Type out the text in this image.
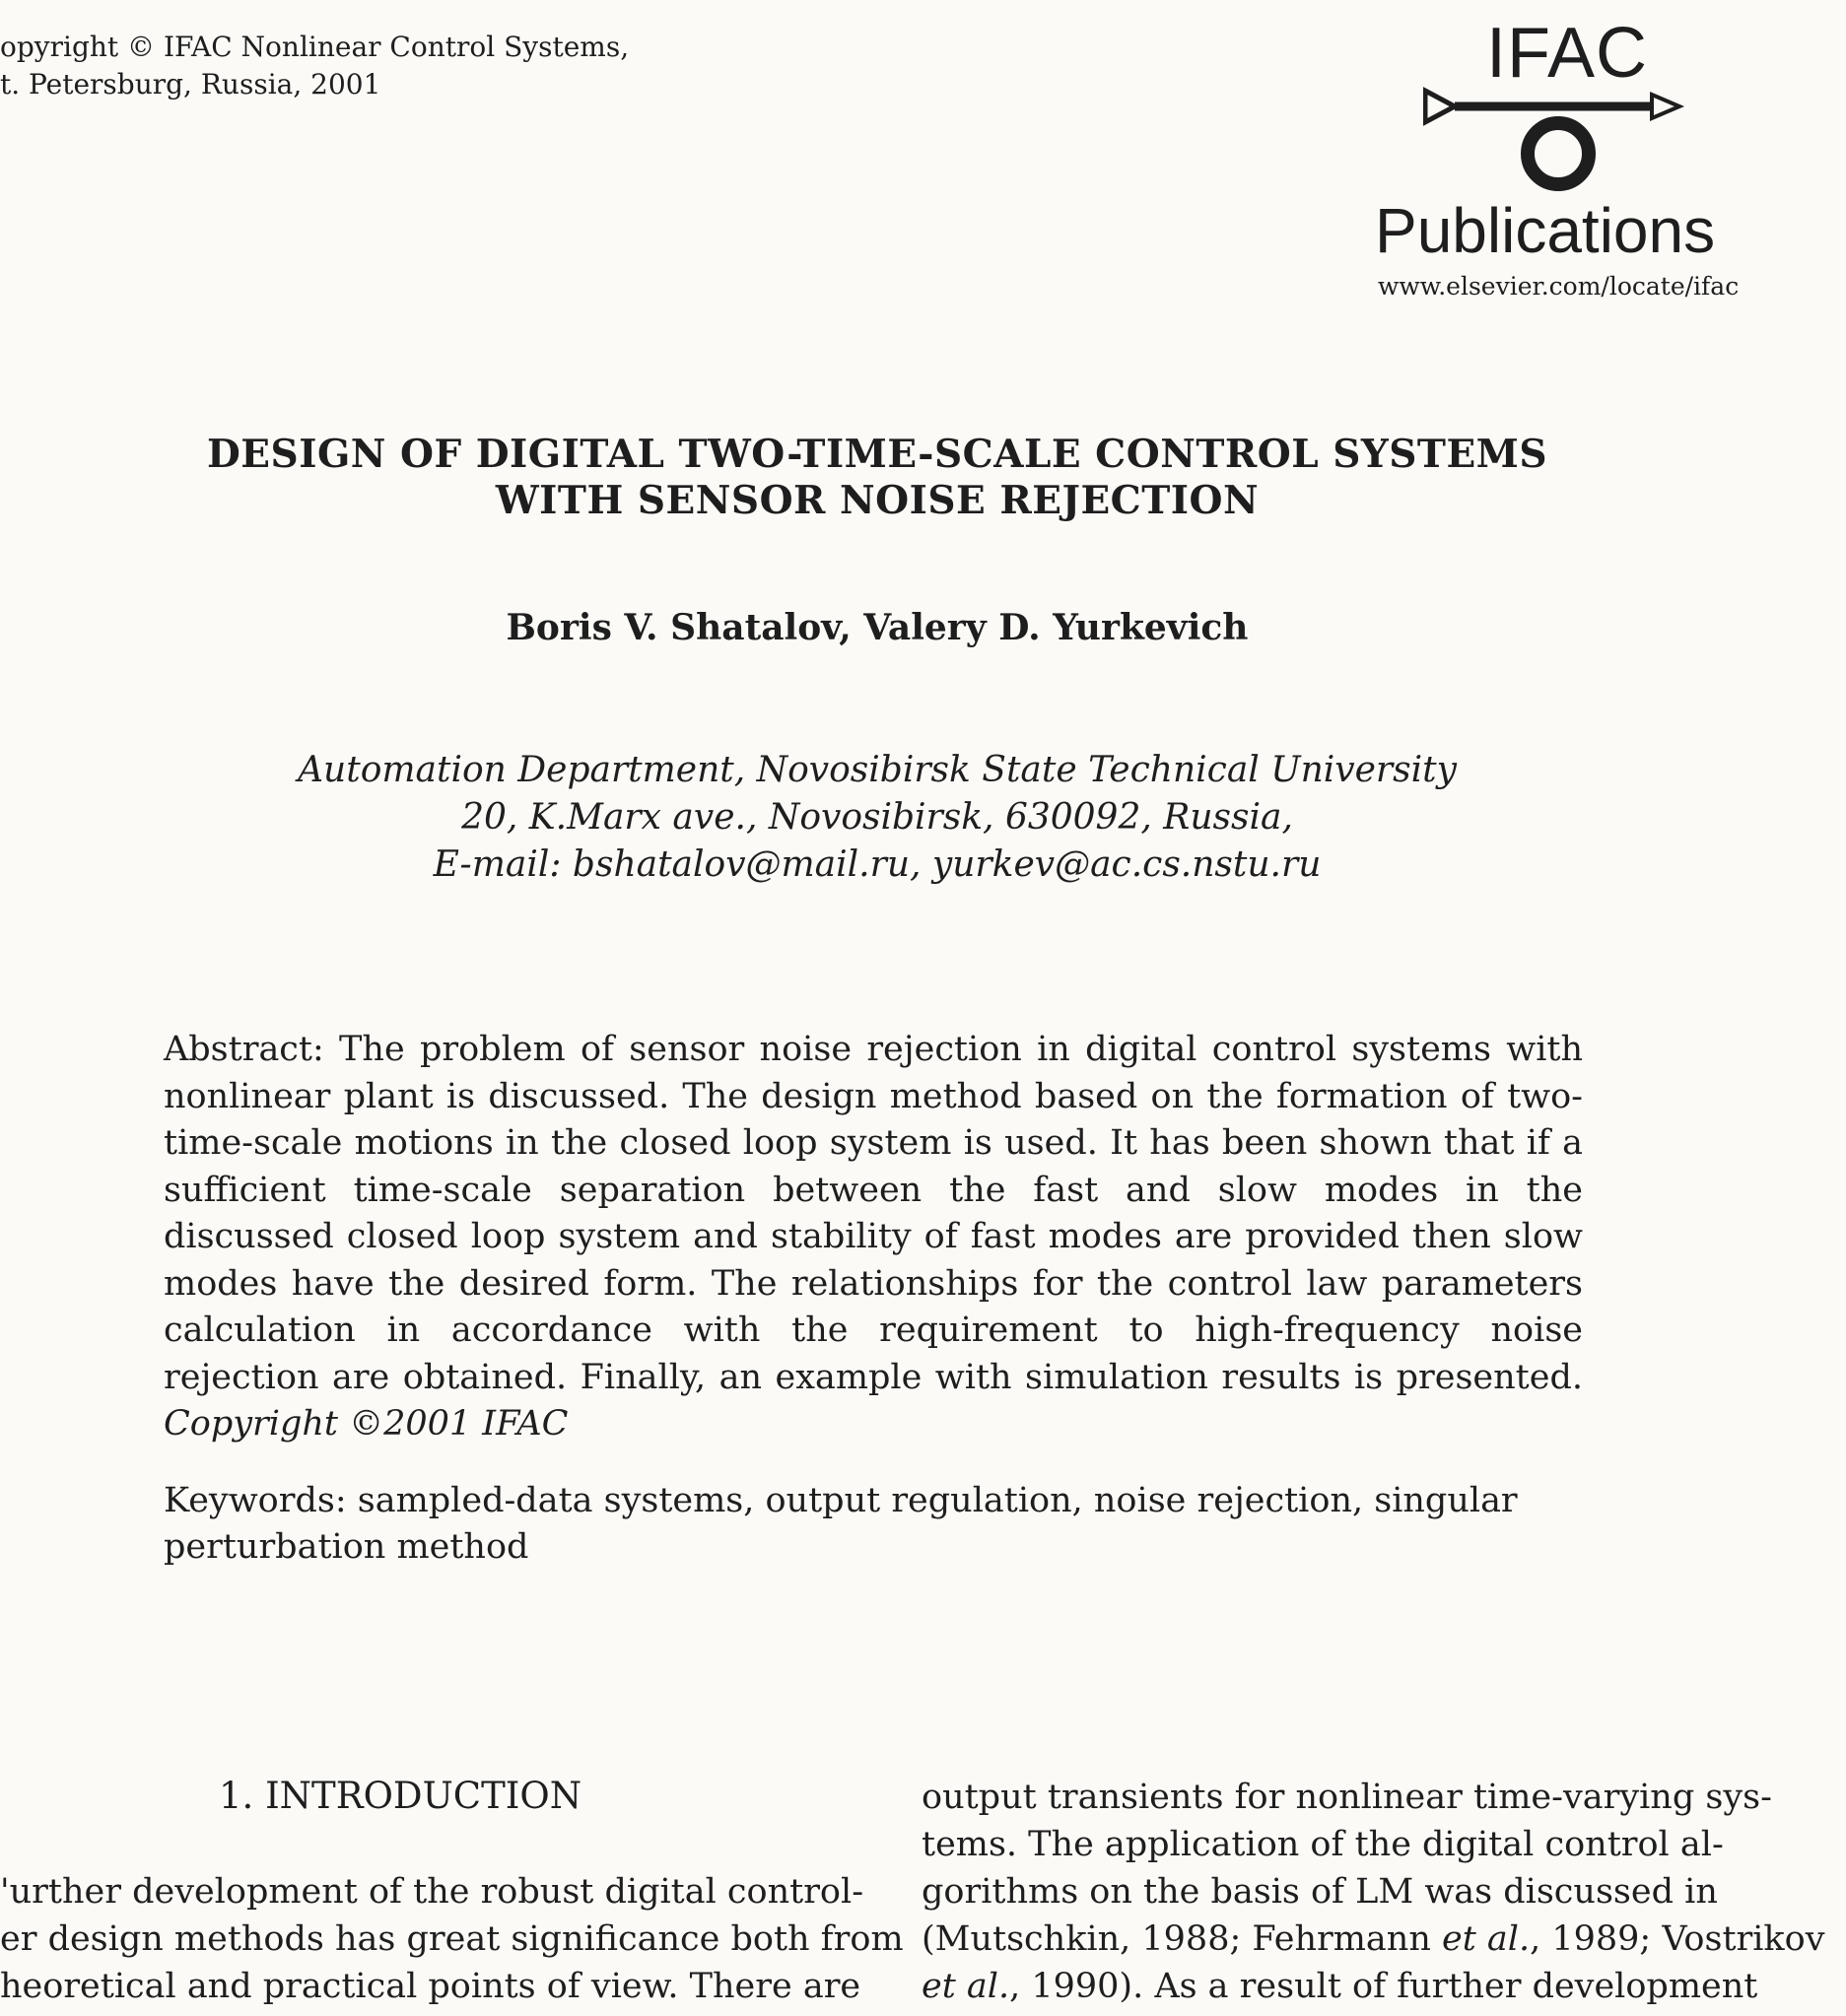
opyright © IFAC Nonlinear Control Systems,
t. Petersburg, Russia, 2001	IFAC
Publications
www.elsevier.com/locate/ifac
DESIGN OF DIGITAL TWO-TIME-SCALE CONTROL SYSTEMS
WITH SENSOR NOISE REJECTION
Boris V. Shatalov, Valery D. Yurkevich
Automation Department, Novosibirsk State Technical University
20, K.Marx ave., Novosibirsk, 630092, Russia,
E-mail: bshatalov@mail.ru, yurkev@ac.cs.nstu.ru
Abstract: The problem of sensor noise rejection in digital control systems with nonlinear plant is discussed. The design method based on the formation of two-time-scale motions in the closed loop system is used. It has been shown that if a sufficient time-scale separation between the fast and slow modes in the discussed closed loop system and stability of fast modes are provided then slow modes have the desired form. The relationships for the control law parameters calculation in accordance with the requirement to high-frequency noise rejection are obtained. Finally, an example with simulation results is presented. Copyright ©2001 IFAC
Keywords: sampled-data systems, output regulation, noise rejection, singular
perturbation method
1. INTRODUCTION
'urther development of the robust digital control-
er design methods has great significance both from
heoretical and practical points of view. There are
output transients for nonlinear time-varying sys-
tems. The application of the digital control al-
gorithms on the basis of LM was discussed in
(Mutschkin, 1988; Fehrmann et al., 1989; Vostrikov
et al., 1990). As a result of further development
